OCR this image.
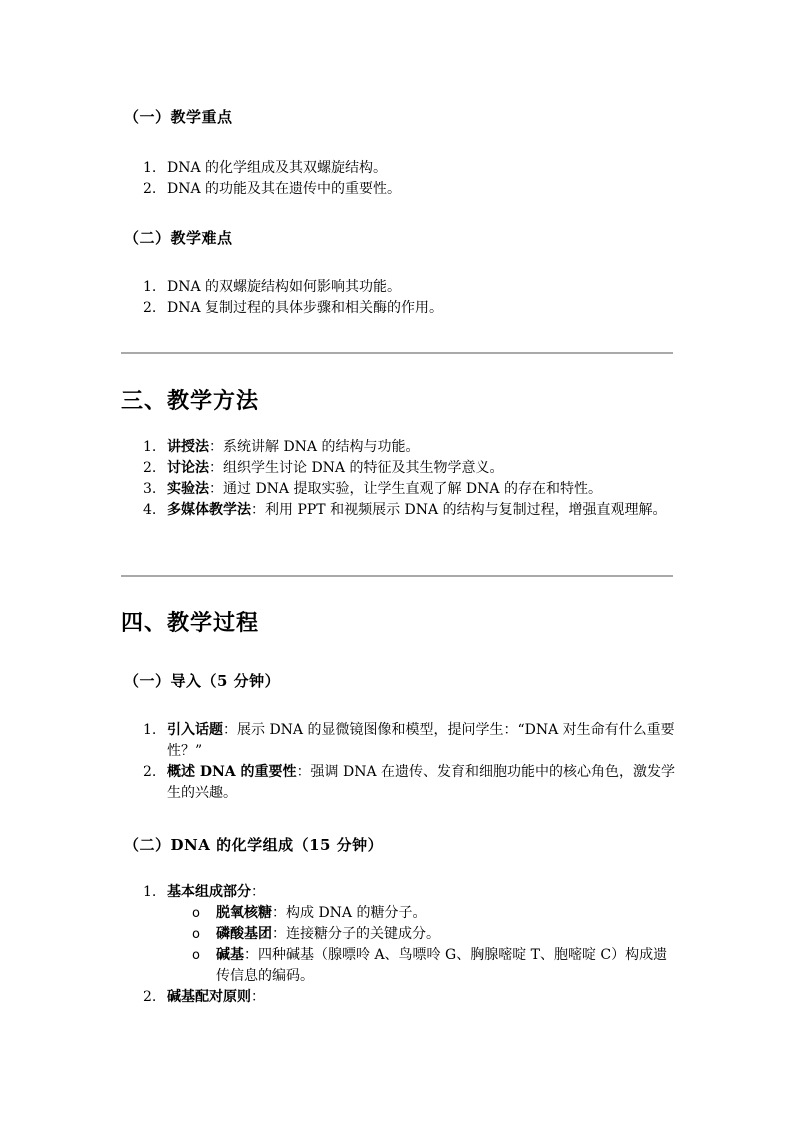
（一）教学重点
1. DNA 的化学组成及其双螺旋结构。
2. DNA 的功能及其在遗传中的重要性。
（二）教学难点
1. DNA 的双螺旋结构如何影响其功能。
2. DNA 复制过程的具体步骤和相关酶的作用。
三、教学方法
1. 讲授法：系统讲解 DNA 的结构与功能。
2. 讨论法：组织学生讨论 DNA 的特征及其生物学意义。
3. 实验法：通过 DNA 提取实验，让学生直观了解 DNA 的存在和特性。
4. 多媒体教学法：利用 PPT 和视频展示 DNA 的结构与复制过程，增强直观理解。
四、教学过程
（一）导入（5 分钟）
1. 引入话题：展示 DNA 的显微镜图像和模型，提问学生：“DNA 对生命有什么重要性？”
2. 概述 DNA 的重要性：强调 DNA 在遗传、发育和细胞功能中的核心角色，激发学生的兴趣。
（二）DNA 的化学组成（15 分钟）
1. 基本组成部分：
o 脱氧核糖：构成 DNA 的糖分子。
o 磷酸基团：连接糖分子的关键成分。
o 碱基：四种碱基（腺嘌呤 A、鸟嘌呤 G、胸腺嘧啶 T、胞嘧啶 C）构成遗传信息的编码。
2. 碱基配对原则：
